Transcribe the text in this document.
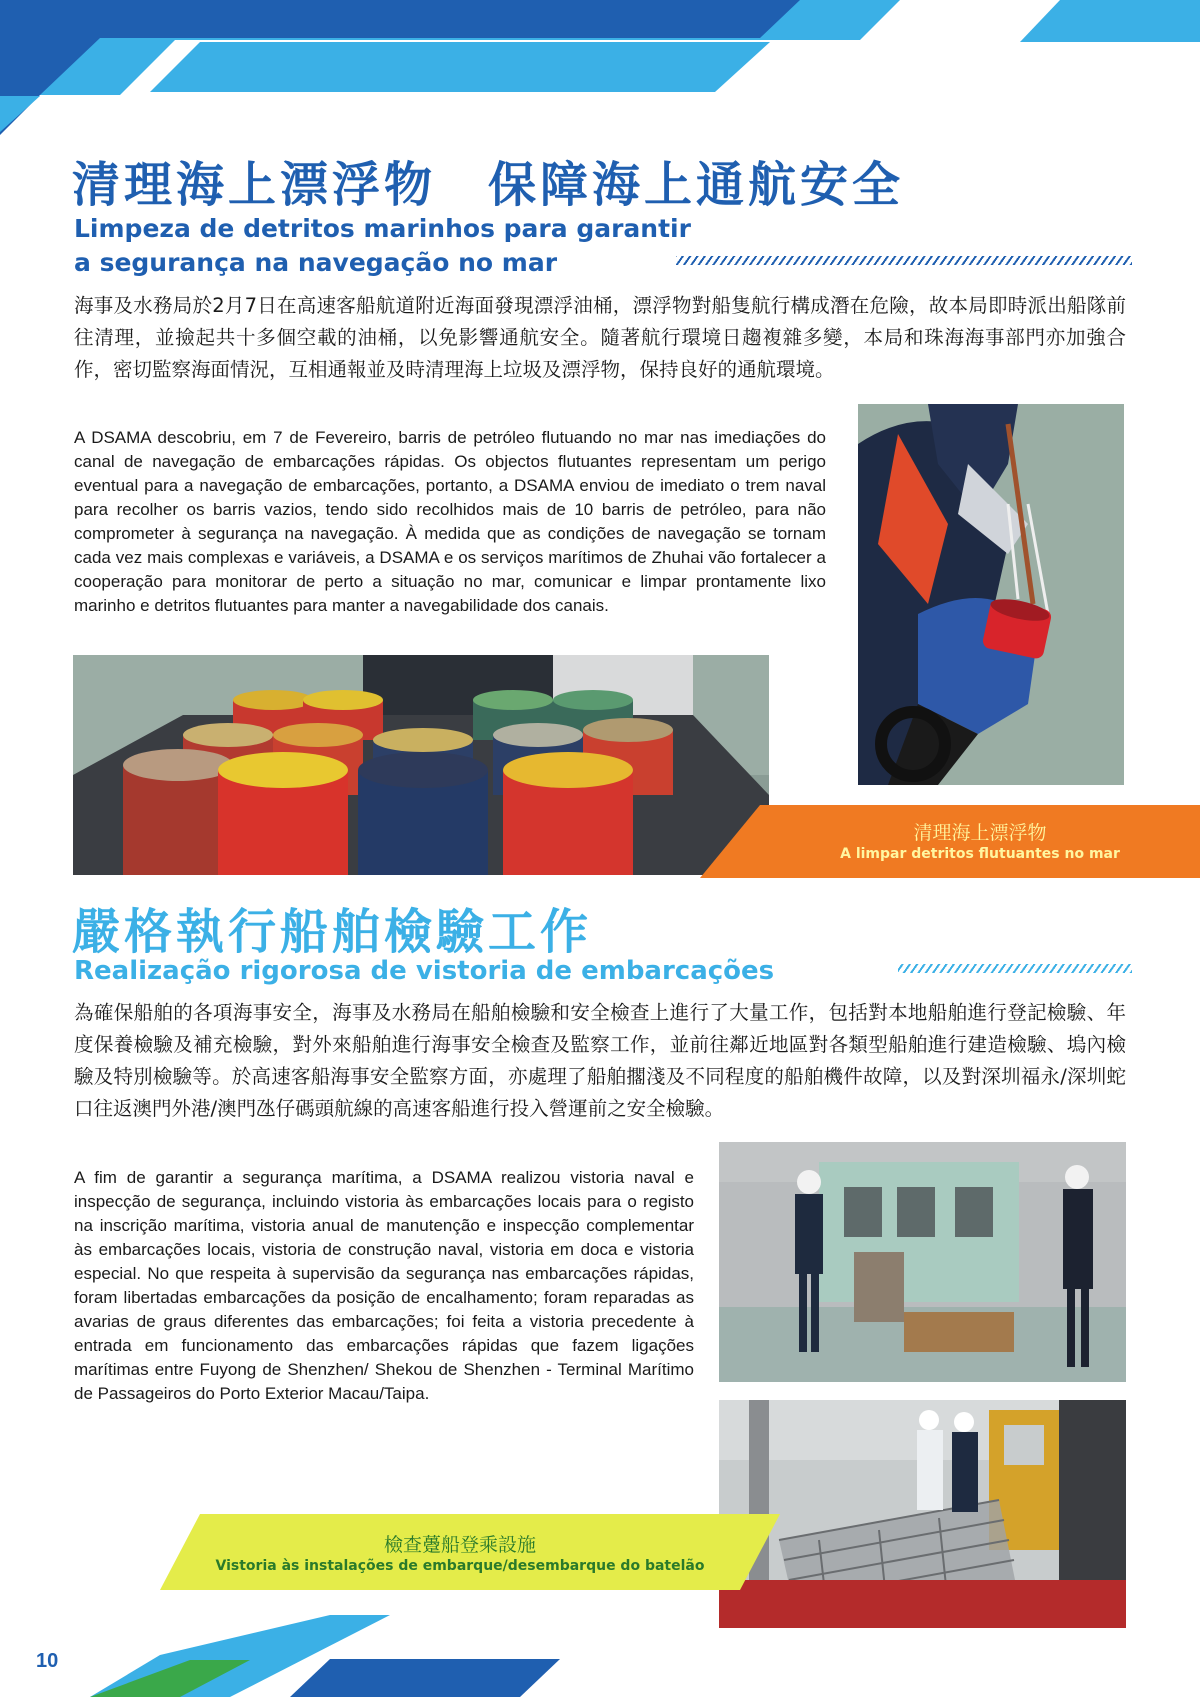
清理海上漂浮物　保障海上通航安全
Limpeza de detritos marinhos para garantir
a segurança na navegação no mar
海事及水務局於2月7日在高速客船航道附近海面發現漂浮油桶，漂浮物對船隻航行構成潛在危險，故本局即時派出船隊前往清理，並撿起共十多個空載的油桶，以免影響通航安全。隨著航行環境日趨複雜多變，本局和珠海海事部門亦加強合作，密切監察海面情況，互相通報並及時清理海上垃圾及漂浮物，保持良好的通航環境。
A DSAMA descobriu, em 7 de Fevereiro, barris de petróleo flutuando no mar nas imediações do canal de navegação de embarcações rápidas. Os objectos flutuantes representam um perigo eventual para a navegação de embarcações, portanto, a DSAMA enviou de imediato o trem naval para recolher os barris vazios, tendo sido recolhidos mais de 10 barris de petróleo, para não comprometer à segurança na navegação. À medida que as condições de navegação se tornam cada vez mais complexas e variáveis, a DSAMA e os serviços marítimos de Zhuhai vão fortalecer a cooperação para monitorar de perto a situação no mar, comunicar e limpar prontamente lixo marinho e detritos flutuantes para manter a navegabilidade dos canais.
清理海上漂浮物
A limpar detritos flutuantes no mar
嚴格執行船舶檢驗工作
Realização rigorosa de vistoria de embarcações
為確保船舶的各項海事安全，海事及水務局在船舶檢驗和安全檢查上進行了大量工作，包括對本地船舶進行登記檢驗、年度保養檢驗及補充檢驗，對外來船舶進行海事安全檢查及監察工作，並前往鄰近地區對各類型船舶進行建造檢驗、塢內檢驗及特別檢驗等。於高速客船海事安全監察方面，亦處理了船舶擱淺及不同程度的船舶機件故障，以及對深圳福永/深圳蛇口往返澳門外港/澳門氹仔碼頭航線的高速客船進行投入營運前之安全檢驗。
A fim de garantir a segurança marítima, a DSAMA realizou vistoria naval e inspecção de segurança, incluindo vistoria às embarcações locais para o registo na inscrição marítima, vistoria anual de manutenção e inspecção complementar às embarcações locais, vistoria de construção naval, vistoria em doca e vistoria especial. No que respeita à supervisão da segurança nas embarcações rápidas, foram libertadas embarcações da posição de encalhamento; foram reparadas as avarias de graus diferentes das embarcações; foi feita a vistoria precedente à entrada em funcionamento das embarcações rápidas que fazem ligações marítimas entre Fuyong de Shenzhen/ Shekou de Shenzhen - Terminal Marítimo de Passageiros do Porto Exterior Macau/Taipa.
檢查躉船登乘設施
Vistoria às instalações de embarque/desembarque do batelão
10
